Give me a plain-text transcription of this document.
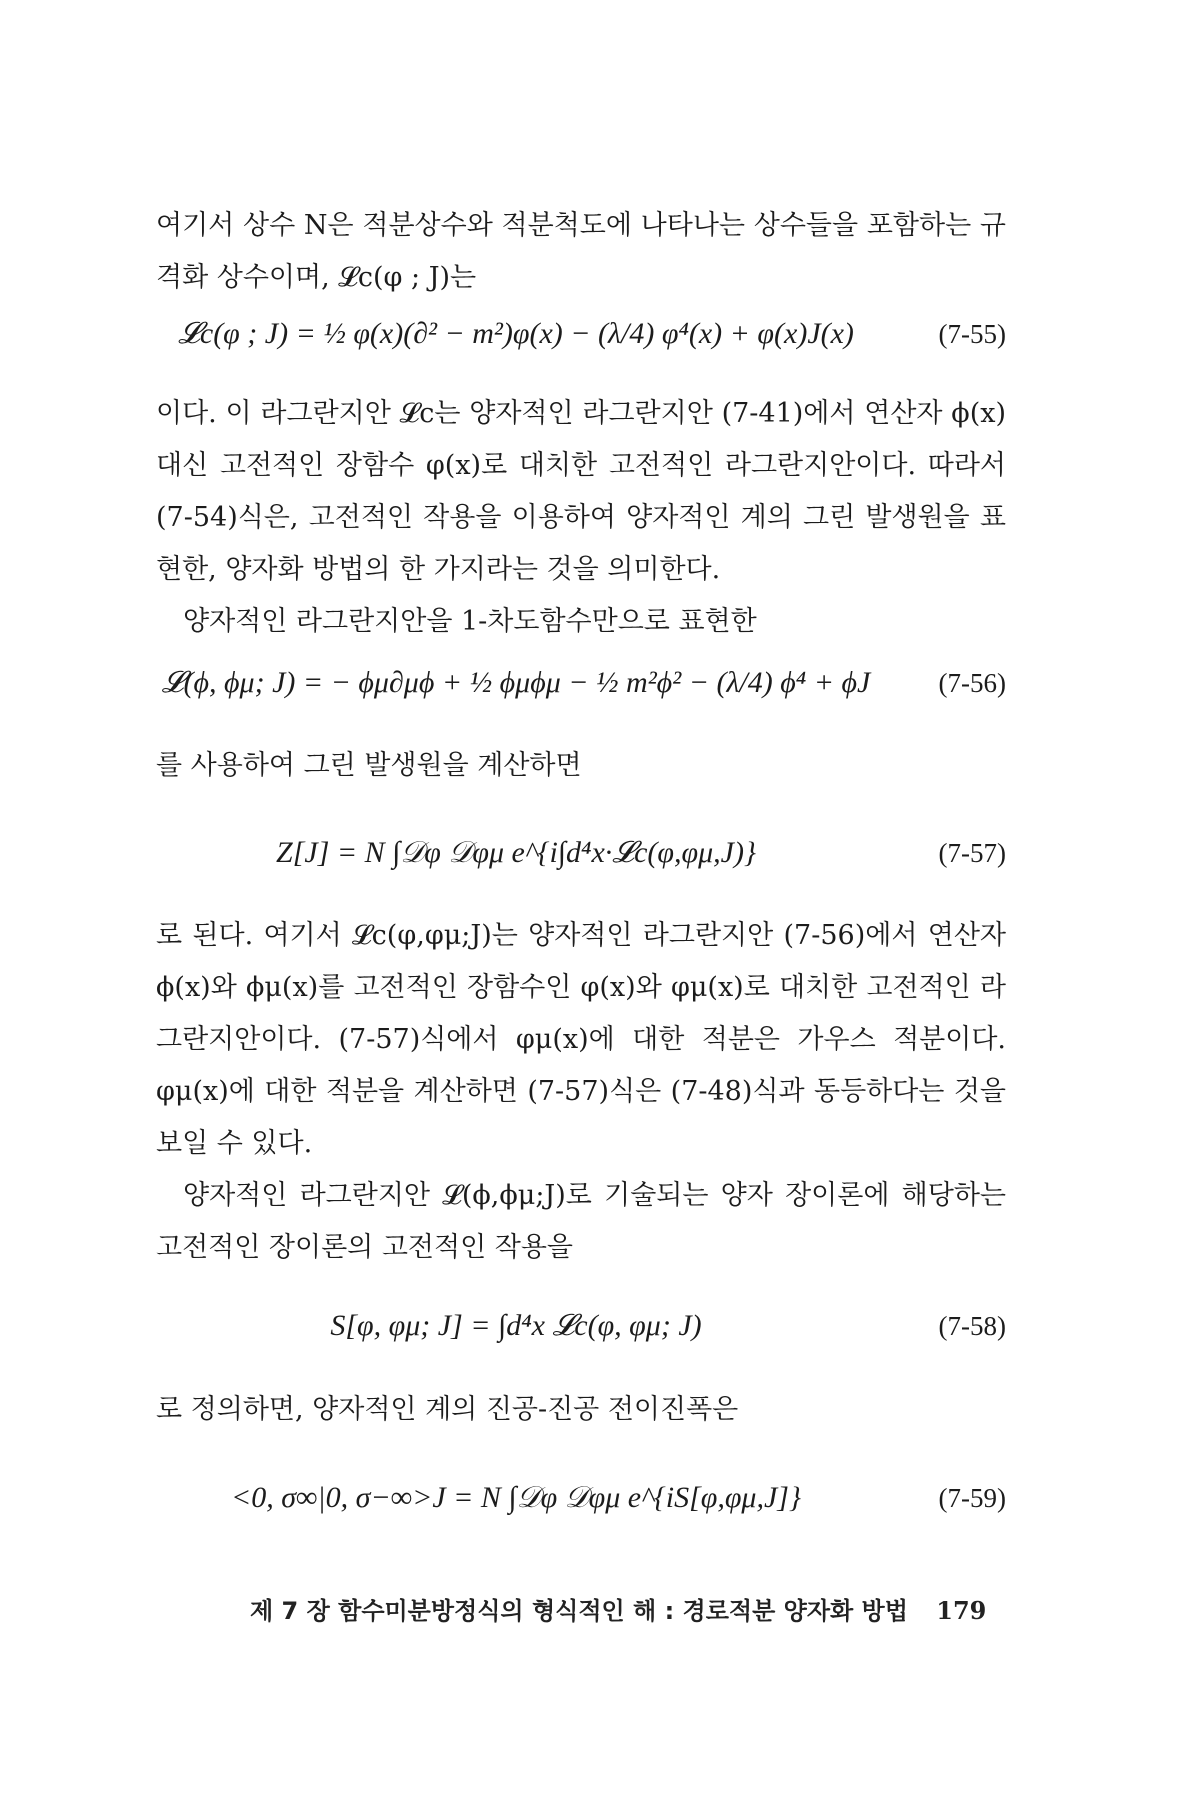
여기서 상수 N은 적분상수와 적분척도에 나타나는 상수들을 포함하는 규격화 상수이며, 𝓛c(φ ; J)는

𝓛c(φ ; J) = ½ φ(x)(∂² − m²)φ(x) − (λ/4) φ⁴(x) + φ(x)J(x)	(7-55)

이다. 이 라그란지안 𝓛c는 양자적인 라그란지안 (7-41)에서 연산자 ϕ(x) 대신 고전적인 장함수 φ(x)로 대치한 고전적인 라그란지안이다. 따라서 (7-54)식은, 고전적인 작용을 이용하여 양자적인 계의 그린 발생원을 표현한, 양자화 방법의 한 가지라는 것을 의미한다.

양자적인 라그란지안을 1-차도함수만으로 표현한

𝓛(ϕ, ϕμ; J) = − ϕμ∂μϕ + ½ ϕμϕμ − ½ m²ϕ² − (λ/4) ϕ⁴ + ϕJ	(7-56)

를 사용하여 그린 발생원을 계산하면

Z[J] = N ∫𝒟φ 𝒟φμ e^{i∫d⁴x·𝓛c(φ,φμ,J)}	(7-57)

로 된다. 여기서 𝓛c(φ,φμ;J)는 양자적인 라그란지안 (7-56)에서 연산자 ϕ(x)와 ϕμ(x)를 고전적인 장함수인 φ(x)와 φμ(x)로 대치한 고전적인 라그란지안이다. (7-57)식에서 φμ(x)에 대한 적분은 가우스 적분이다. φμ(x)에 대한 적분을 계산하면 (7-57)식은 (7-48)식과 동등하다는 것을 보일 수 있다.

양자적인 라그란지안 𝓛(ϕ,ϕμ;J)로 기술되는 양자 장이론에 해당하는 고전적인 장이론의 고전적인 작용을

S[φ, φμ; J] = ∫d⁴x 𝓛c(φ, φμ; J)	(7-58)

로 정의하면, 양자적인 계의 진공-진공 전이진폭은

<0, σ∞|0, σ−∞>J = N ∫𝒟φ 𝒟φμ e^{iS[φ,φμ,J]}	(7-59)
제 7 장 함수미분방정식의 형식적인 해 : 경로적분 양자화 방법 179
